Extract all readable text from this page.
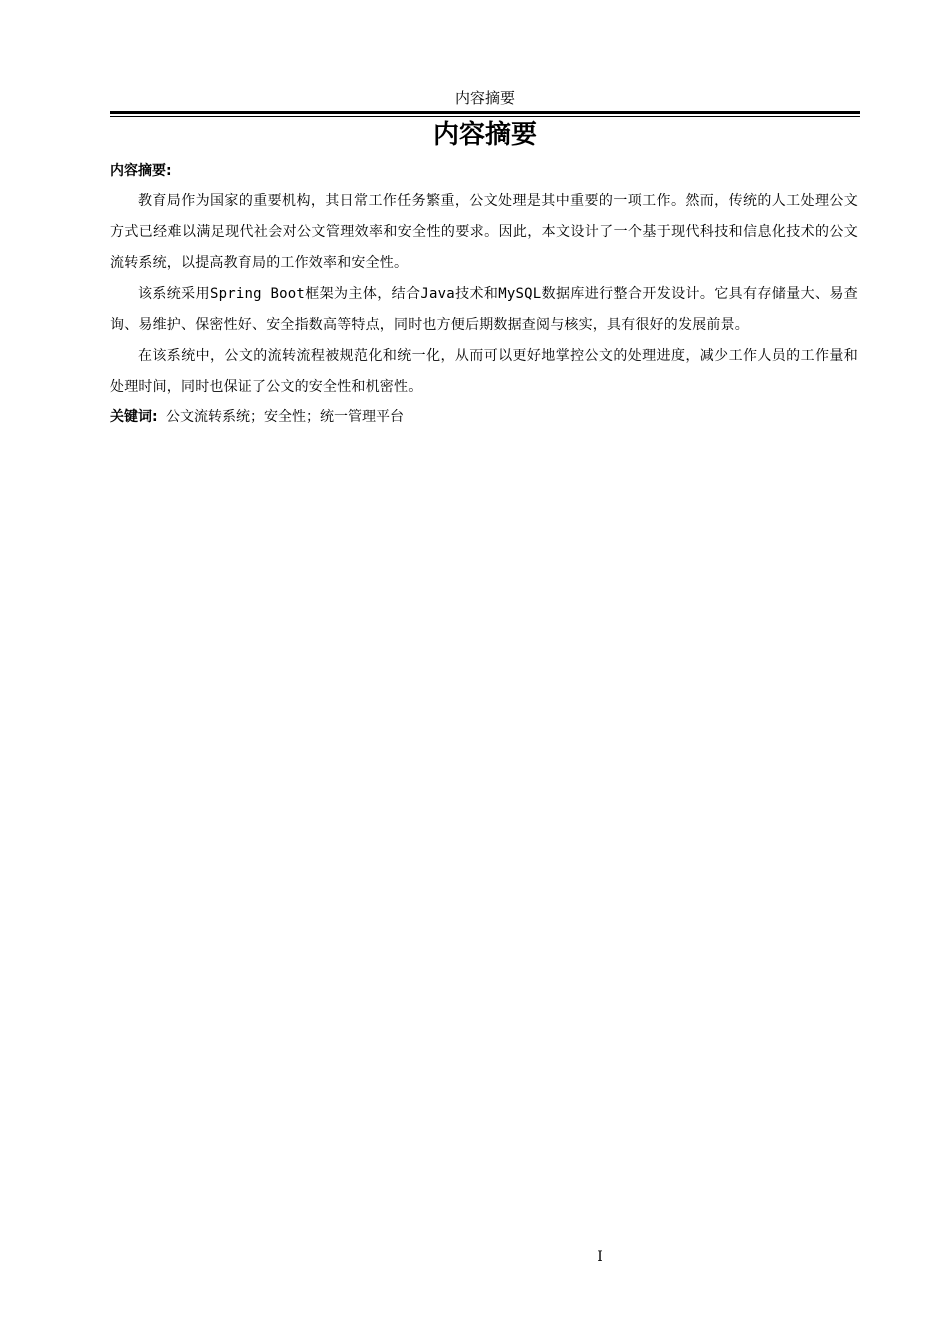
内容摘要
内容摘要

内容摘要:

教育局作为国家的重要机构，其日常工作任务繁重，公文处理是其中重要的一项工作。然而，传统的人工处理公文方式已经难以满足现代社会对公文管理效率和安全性的要求。因此，本文设计了一个基于现代科技和信息化技术的公文流转系统，以提高教育局的工作效率和安全性。

该系统采用Spring Boot框架为主体，结合Java技术和MySQL数据库进行整合开发设计。它具有存储量大、易查询、易维护、保密性好、安全指数高等特点，同时也方便后期数据查阅与核实，具有很好的发展前景。

在该系统中，公文的流转流程被规范化和统一化，从而可以更好地掌控公文的处理进度，减少工作人员的工作量和处理时间，同时也保证了公文的安全性和机密性。

关键词: 公文流转系统；安全性；统一管理平台

I
